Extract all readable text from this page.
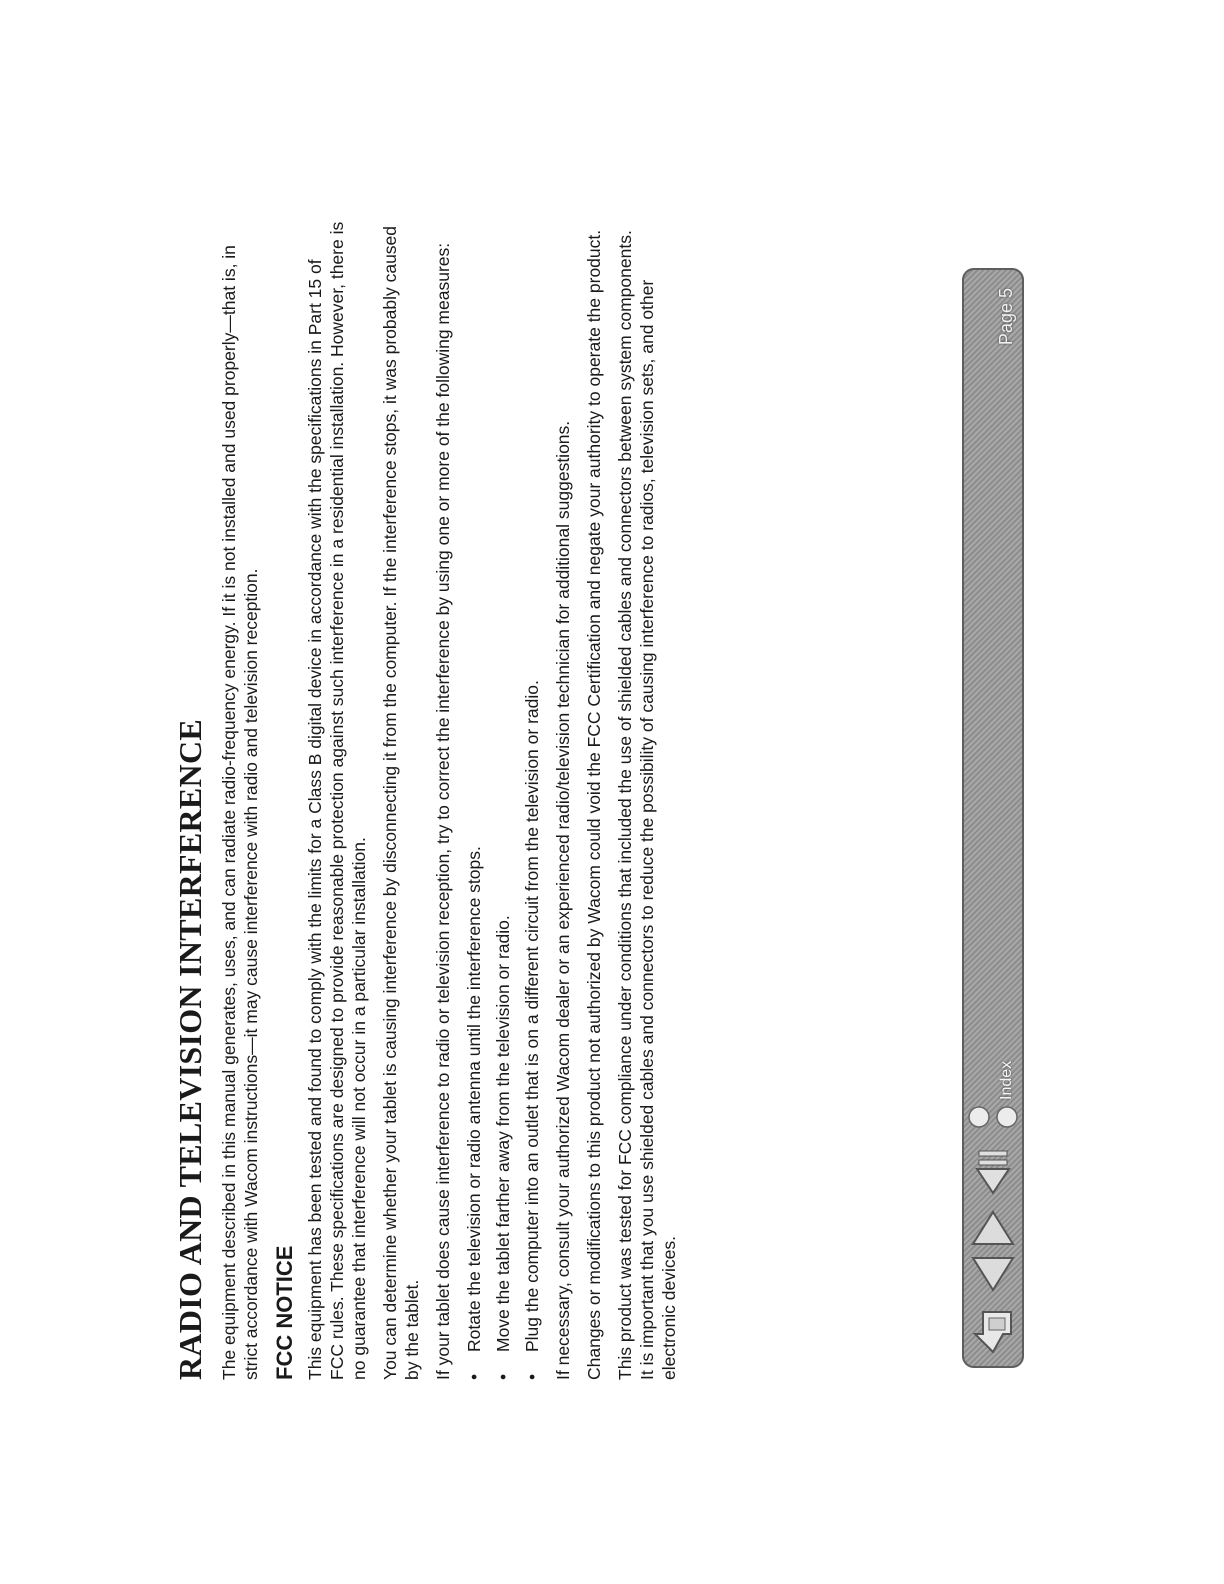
RADIO AND TELEVISION INTERFERENCE The equipment described in this manual generates, uses, and can radiate radio-frequency energy. If it is not installed and used properly—that is, in strict accordance with Wacom instructions—it may cause interference with radio and television reception. FCC NOTICE This equipment has been tested and found to comply with the limits for a Class B digital device in accordance with the specifications in Part 15 of FCC rules. These specifications are designed to provide reasonable protection against such interference in a residential installation. However, there is no guarantee that interference will not occur in a particular installation. You can determine whether your tablet is causing interference by disconnecting it from the computer. If the interference stops, it was probably caused by the tablet. If your tablet does cause interference to radio or television reception, try to correct the interference by using one or more of the following measures: •
Rotate the television or radio antenna until the interference stops.
•
Move the tablet farther away from the television or radio.
•
Plug the computer into an outlet that is on a different circuit from the television or radio. If necessary, consult your authorized Wacom dealer or an experienced radio/television technician for additional suggestions. Changes or modifications to this product not authorized by Wacom could void the FCC Certification and negate your authority to operate the product. This product was tested for FCC compliance under conditions that included the use of shielded cables and connectors between system components. It is important that you use shielded cables and connectors to reduce the possibility of causing interference to radios, television sets, and other electronic devices.

Index
Page 5
